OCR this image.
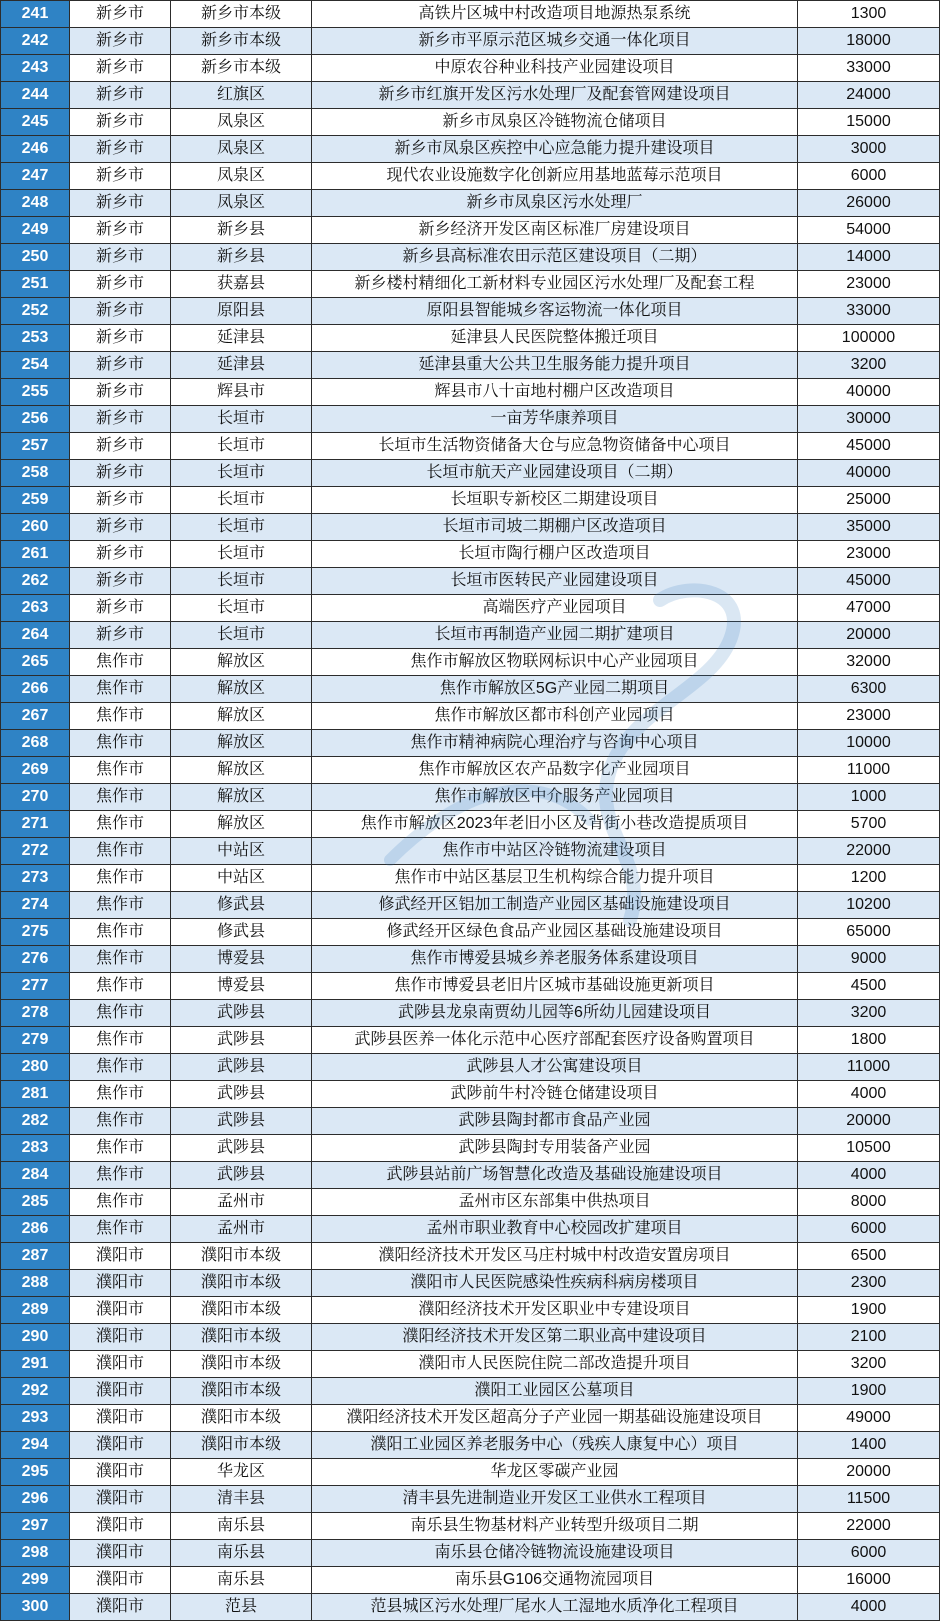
241	新乡市	新乡市本级	高铁片区城中村改造项目地源热泵系统	1300
242	新乡市	新乡市本级	新乡市平原示范区城乡交通一体化项目	18000
243	新乡市	新乡市本级	中原农谷种业科技产业园建设项目	33000
244	新乡市	红旗区	新乡市红旗开发区污水处理厂及配套管网建设项目	24000
245	新乡市	凤泉区	新乡市凤泉区冷链物流仓储项目	15000
246	新乡市	凤泉区	新乡市凤泉区疾控中心应急能力提升建设项目	3000
247	新乡市	凤泉区	现代农业设施数字化创新应用基地蓝莓示范项目	6000
248	新乡市	凤泉区	新乡市凤泉区污水处理厂	26000
249	新乡市	新乡县	新乡经济开发区南区标准厂房建设项目	54000
250	新乡市	新乡县	新乡县高标准农田示范区建设项目（二期）	14000
251	新乡市	获嘉县	新乡楼村精细化工新材料专业园区污水处理厂及配套工程	23000
252	新乡市	原阳县	原阳县智能城乡客运物流一体化项目	33000
253	新乡市	延津县	延津县人民医院整体搬迁项目	100000
254	新乡市	延津县	延津县重大公共卫生服务能力提升项目	3200
255	新乡市	辉县市	辉县市八十亩地村棚户区改造项目	40000
256	新乡市	长垣市	一亩芳华康养项目	30000
257	新乡市	长垣市	长垣市生活物资储备大仓与应急物资储备中心项目	45000
258	新乡市	长垣市	长垣市航天产业园建设项目（二期）	40000
259	新乡市	长垣市	长垣职专新校区二期建设项目	25000
260	新乡市	长垣市	长垣市司坡二期棚户区改造项目	35000
261	新乡市	长垣市	长垣市陶行棚户区改造项目	23000
262	新乡市	长垣市	长垣市医转民产业园建设项目	45000
263	新乡市	长垣市	高端医疗产业园项目	47000
264	新乡市	长垣市	长垣市再制造产业园二期扩建项目	20000
265	焦作市	解放区	焦作市解放区物联网标识中心产业园项目	32000
266	焦作市	解放区	焦作市解放区5G产业园二期项目	6300
267	焦作市	解放区	焦作市解放区都市科创产业园项目	23000
268	焦作市	解放区	焦作市精神病院心理治疗与咨询中心项目	10000
269	焦作市	解放区	焦作市解放区农产品数字化产业园项目	11000
270	焦作市	解放区	焦作市解放区中介服务产业园项目	1000
271	焦作市	解放区	焦作市解放区2023年老旧小区及背街小巷改造提质项目	5700
272	焦作市	中站区	焦作市中站区冷链物流建设项目	22000
273	焦作市	中站区	焦作市中站区基层卫生机构综合能力提升项目	1200
274	焦作市	修武县	修武经开区铝加工制造产业园区基础设施建设项目	10200
275	焦作市	修武县	修武经开区绿色食品产业园区基础设施建设项目	65000
276	焦作市	博爱县	焦作市博爱县城乡养老服务体系建设项目	9000
277	焦作市	博爱县	焦作市博爱县老旧片区城市基础设施更新项目	4500
278	焦作市	武陟县	武陟县龙泉南贾幼儿园等6所幼儿园建设项目	3200
279	焦作市	武陟县	武陟县医养一体化示范中心医疗部配套医疗设备购置项目	1800
280	焦作市	武陟县	武陟县人才公寓建设项目	11000
281	焦作市	武陟县	武陟前牛村冷链仓储建设项目	4000
282	焦作市	武陟县	武陟县陶封都市食品产业园	20000
283	焦作市	武陟县	武陟县陶封专用装备产业园	10500
284	焦作市	武陟县	武陟县站前广场智慧化改造及基础设施建设项目	4000
285	焦作市	孟州市	孟州市区东部集中供热项目	8000
286	焦作市	孟州市	孟州市职业教育中心校园改扩建项目	6000
287	濮阳市	濮阳市本级	濮阳经济技术开发区马庄村城中村改造安置房项目	6500
288	濮阳市	濮阳市本级	濮阳市人民医院感染性疾病科病房楼项目	2300
289	濮阳市	濮阳市本级	濮阳经济技术开发区职业中专建设项目	1900
290	濮阳市	濮阳市本级	濮阳经济技术开发区第二职业高中建设项目	2100
291	濮阳市	濮阳市本级	濮阳市人民医院住院二部改造提升项目	3200
292	濮阳市	濮阳市本级	濮阳工业园区公墓项目	1900
293	濮阳市	濮阳市本级	濮阳经济技术开发区超高分子产业园一期基础设施建设项目	49000
294	濮阳市	濮阳市本级	濮阳工业园区养老服务中心（残疾人康复中心）项目	1400
295	濮阳市	华龙区	华龙区零碳产业园	20000
296	濮阳市	清丰县	清丰县先进制造业开发区工业供水工程项目	11500
297	濮阳市	南乐县	南乐县生物基材料产业转型升级项目二期	22000
298	濮阳市	南乐县	南乐县仓储冷链物流设施建设项目	6000
299	濮阳市	南乐县	南乐县G106交通物流园项目	16000
300	濮阳市	范县	范县城区污水处理厂尾水人工湿地水质净化工程项目	4000
